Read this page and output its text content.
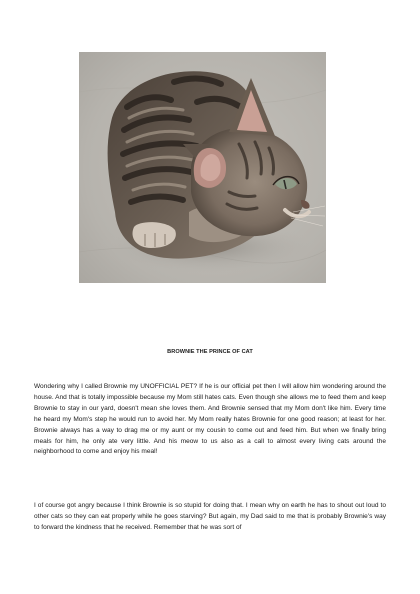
BROWNIE THE PRINCE OF CAT

Wondering why I called Brownie my UNOFFICIAL PET? If he is our official pet then I will allow him wondering around the house. And that is totally impossible because my Mom still hates cats. Even though she allows me to feed them and keep Brownie to stay in our yard, doesn't mean she loves them. And Brownie sensed that my Mom don't like him. Every time he heard my Mom's step he would run to avoid her. My Mom really hates Brownie for one good reason; at least for her. Brownie always has a way to drag me or my aunt or my cousin to come out and feed him. But when we finally bring meals for him, he only ate very little. And his meow to us also as a call to almost every living cats around the neighborhood to come and enjoy his meal!

I of course got angry because I think Brownie is so stupid for doing that. I mean why on earth he has to shout out loud to other cats so they can eat properly while he goes starving? But again, my Dad said to me that is probably Brownie's way to forward the kindness that he received. Remember that he was sort of
